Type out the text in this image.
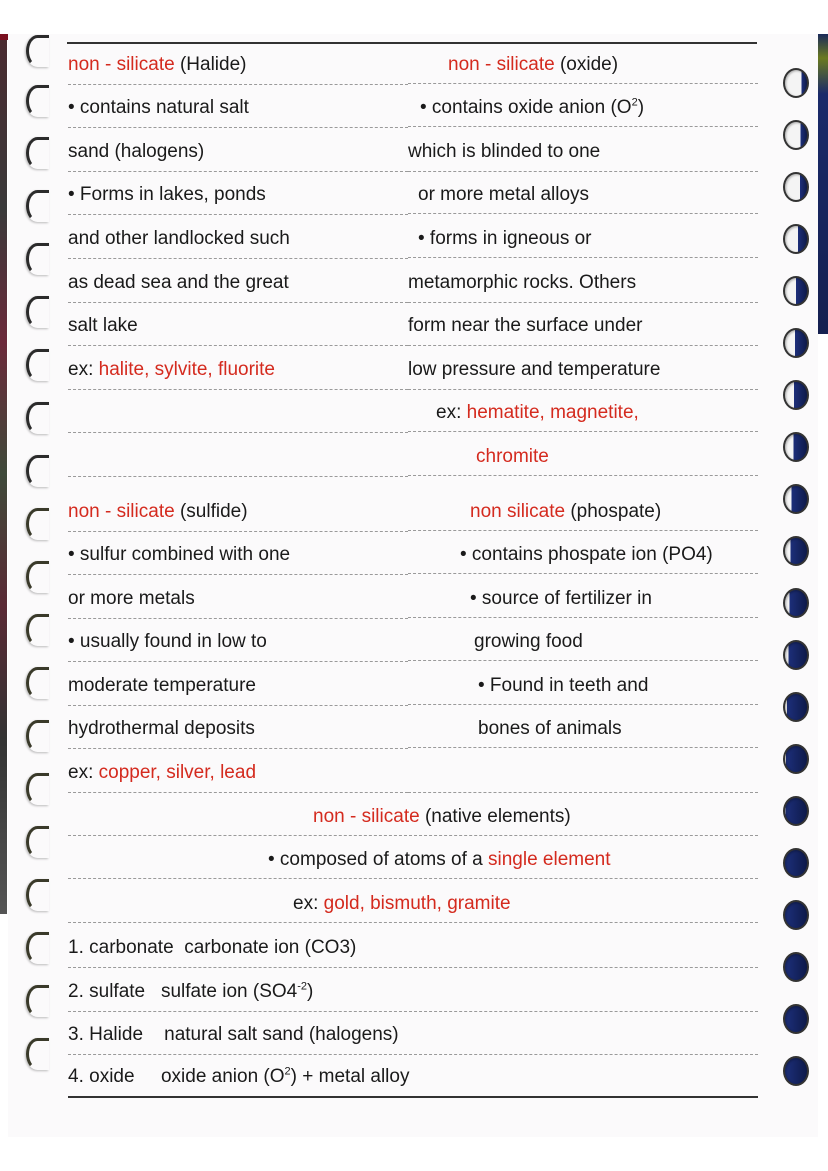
non - silicate (Halide)
• contains natural salt
sand (halogens)
• Forms in lakes, ponds
and other landlocked such
as dead sea and the great
salt lake
ex: halite, sylvite, fluorite
non - silicate (oxide)
• contains oxide anion $(O^2)$
which is blinded to one
or more metal alloys
• forms in igneous or
metamorphic rocks. Others
form near the surface under
low pressure and temperature
ex: hematite, magnetite,
chromite
non - silicate (sulfide)
• sulfur combined with one
or more metals
• usually found in low to
moderate temperature
hydrothermal deposits
ex: copper, silver, lead
non silicate (phospate)
• contains phospate ion (PO4)
• source of fertilizer in
growing food
• Found in teeth and
bones of animals
non - silicate (native elements)
• composed of atoms of a single element
ex: gold, bismuth, gramite
1. carbonate carbonate ion (CO3)
2. sulfate sulfate ion $(SO4^{-2})$
3. Halide natural salt sand (halogens)
4. oxide oxide anion $(O^2)$ + metal alloy
